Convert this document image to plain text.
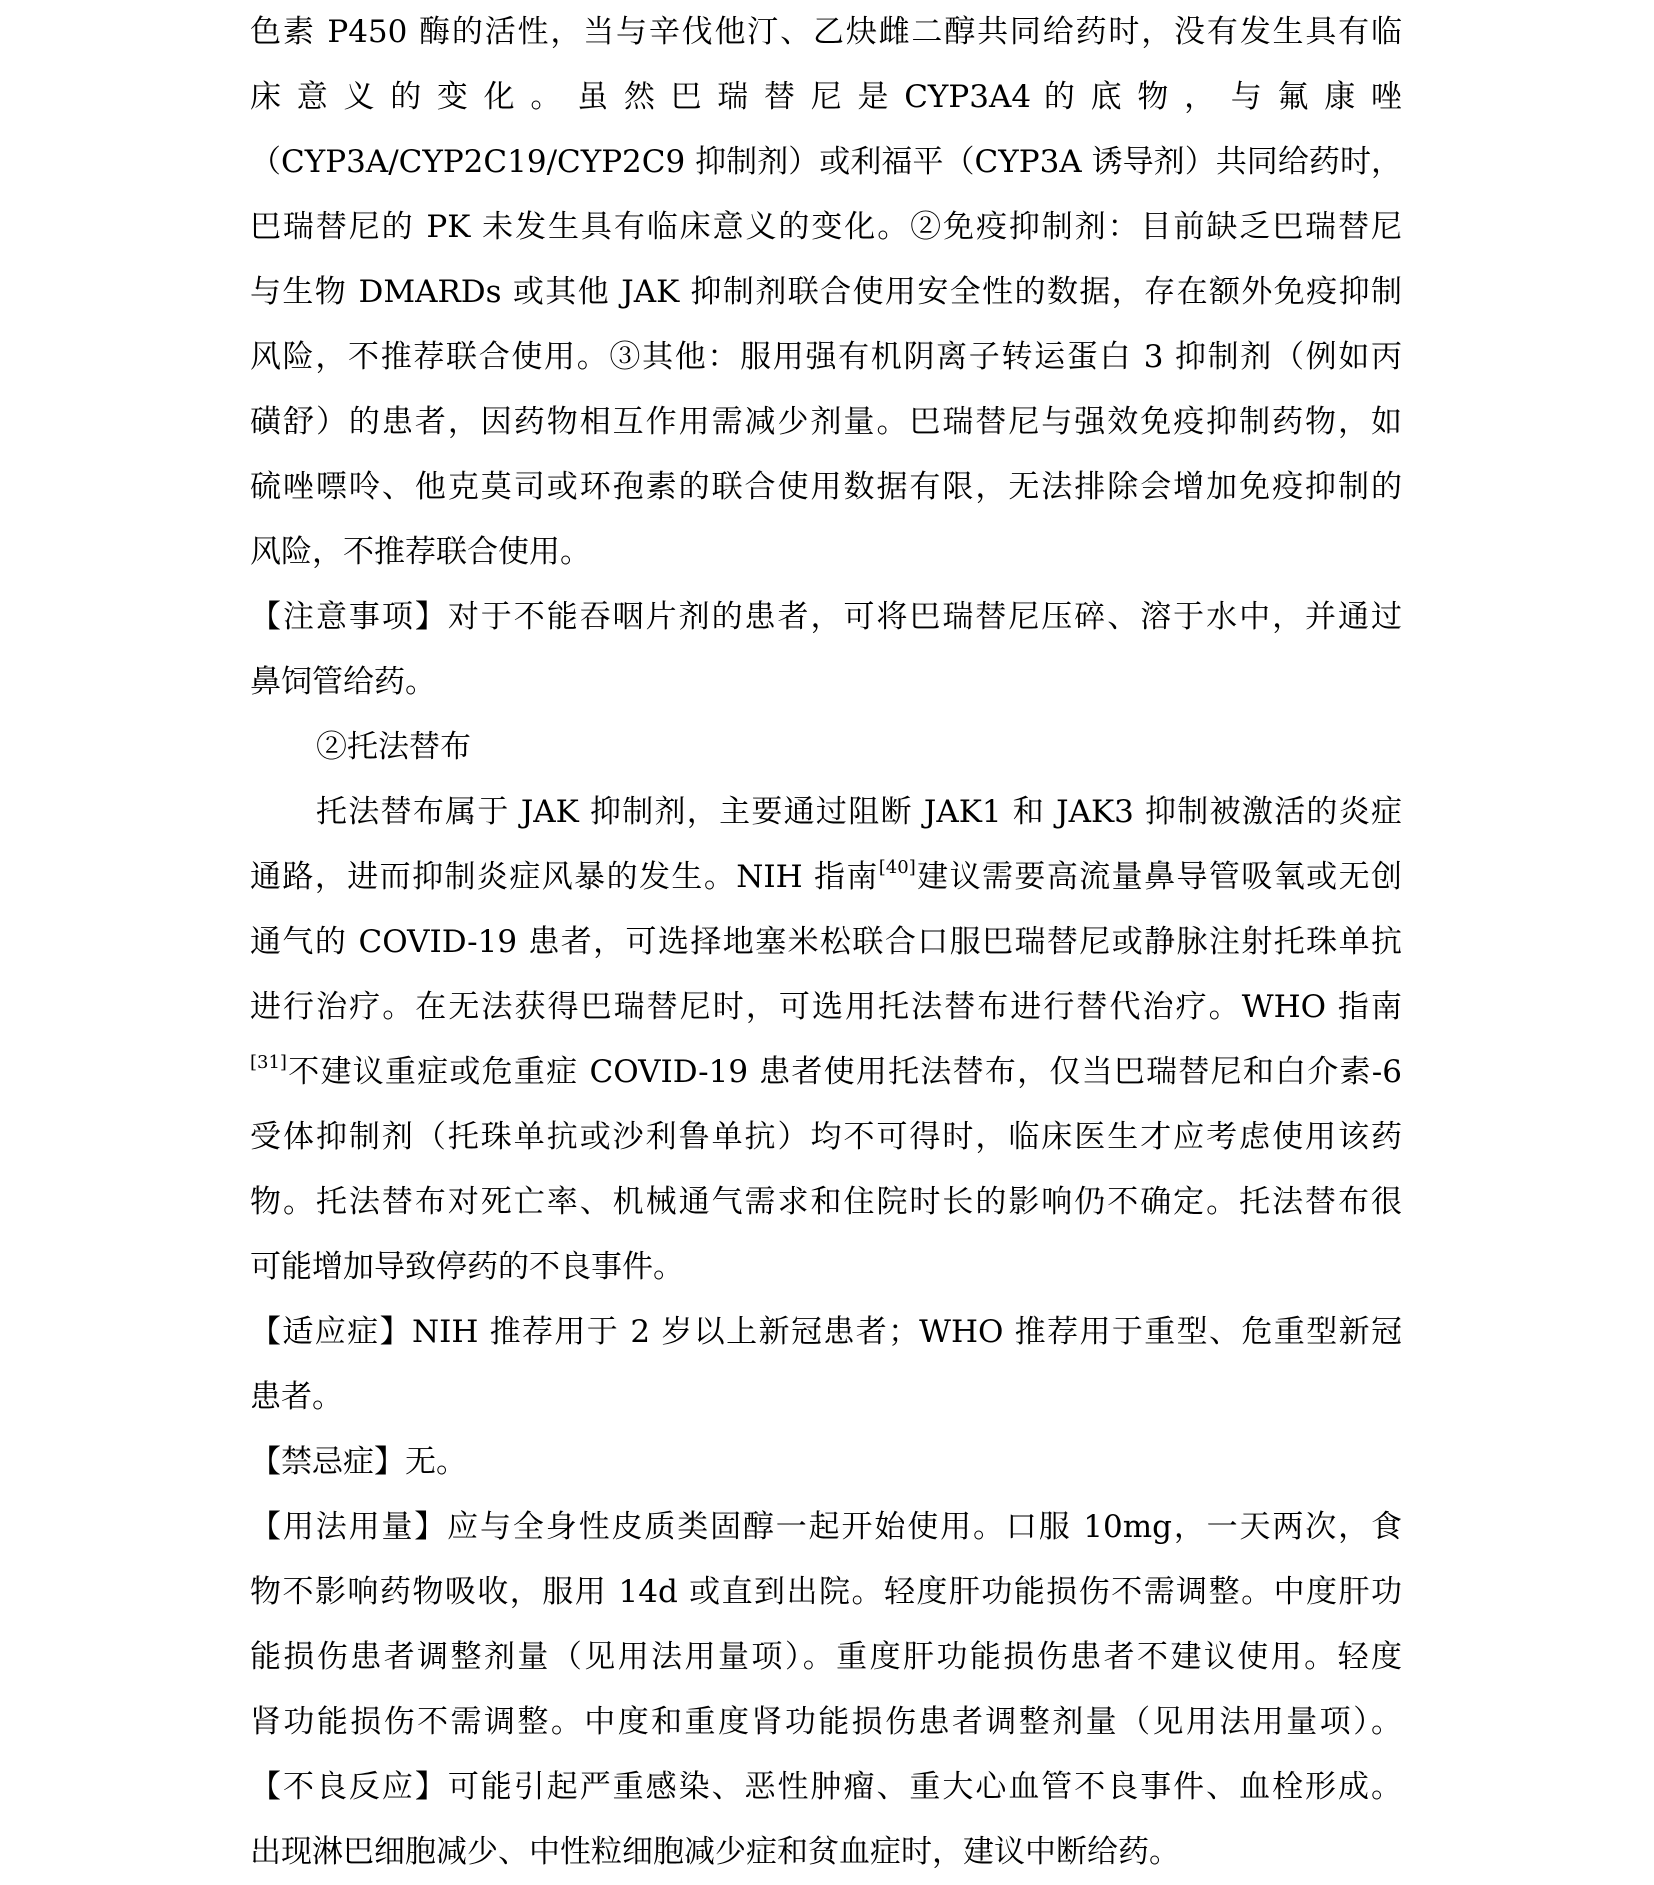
色素 P450 酶的活性，当与辛伐他汀、乙炔雌二醇共同给药时，没有发生具有临
床 意 义 的 变 化 。 虽 然 巴 瑞 替 尼 是 CYP3A4 的 底 物 ， 与 氟 康 唑
（CYP3A/CYP2C19/CYP2C9 抑制剂）或利福平（CYP3A 诱导剂）共同给药时，
巴瑞替尼的 PK 未发生具有临床意义的变化。②免疫抑制剂：目前缺乏巴瑞替尼
与生物 DMARDs 或其他 JAK 抑制剂联合使用安全性的数据，存在额外免疫抑制
风险，不推荐联合使用。③其他：服用强有机阴离子转运蛋白 3 抑制剂（例如丙
磺舒）的患者，因药物相互作用需减少剂量。巴瑞替尼与强效免疫抑制药物，如
硫唑嘌呤、他克莫司或环孢素的联合使用数据有限，无法排除会增加免疫抑制的
风险，不推荐联合使用。
【注意事项】对于不能吞咽片剂的患者，可将巴瑞替尼压碎、溶于水中，并通过
鼻饲管给药。
②托法替布
托法替布属于 JAK 抑制剂，主要通过阻断 JAK1 和 JAK3 抑制被激活的炎症
通路，进而抑制炎症风暴的发生。NIH 指南[40]建议需要高流量鼻导管吸氧或无创
通气的 COVID-19 患者，可选择地塞米松联合口服巴瑞替尼或静脉注射托珠单抗
进行治疗。在无法获得巴瑞替尼时，可选用托法替布进行替代治疗。WHO 指南
[31]不建议重症或危重症 COVID-19 患者使用托法替布，仅当巴瑞替尼和白介素-6
受体抑制剂（托珠单抗或沙利鲁单抗）均不可得时，临床医生才应考虑使用该药
物。托法替布对死亡率、机械通气需求和住院时长的影响仍不确定。托法替布很
可能增加导致停药的不良事件。
【适应症】NIH 推荐用于 2 岁以上新冠患者；WHO 推荐用于重型、危重型新冠
患者。
【禁忌症】无。
【用法用量】应与全身性皮质类固醇一起开始使用。口服 10mg，一天两次，食
物不影响药物吸收，服用 14d 或直到出院。轻度肝功能损伤不需调整。中度肝功
能损伤患者调整剂量（见用法用量项）。重度肝功能损伤患者不建议使用。轻度
肾功能损伤不需调整。中度和重度肾功能损伤患者调整剂量（见用法用量项）。
【不良反应】可能引起严重感染、恶性肿瘤、重大心血管不良事件、血栓形成。
出现淋巴细胞减少、中性粒细胞减少症和贫血症时，建议中断给药。
